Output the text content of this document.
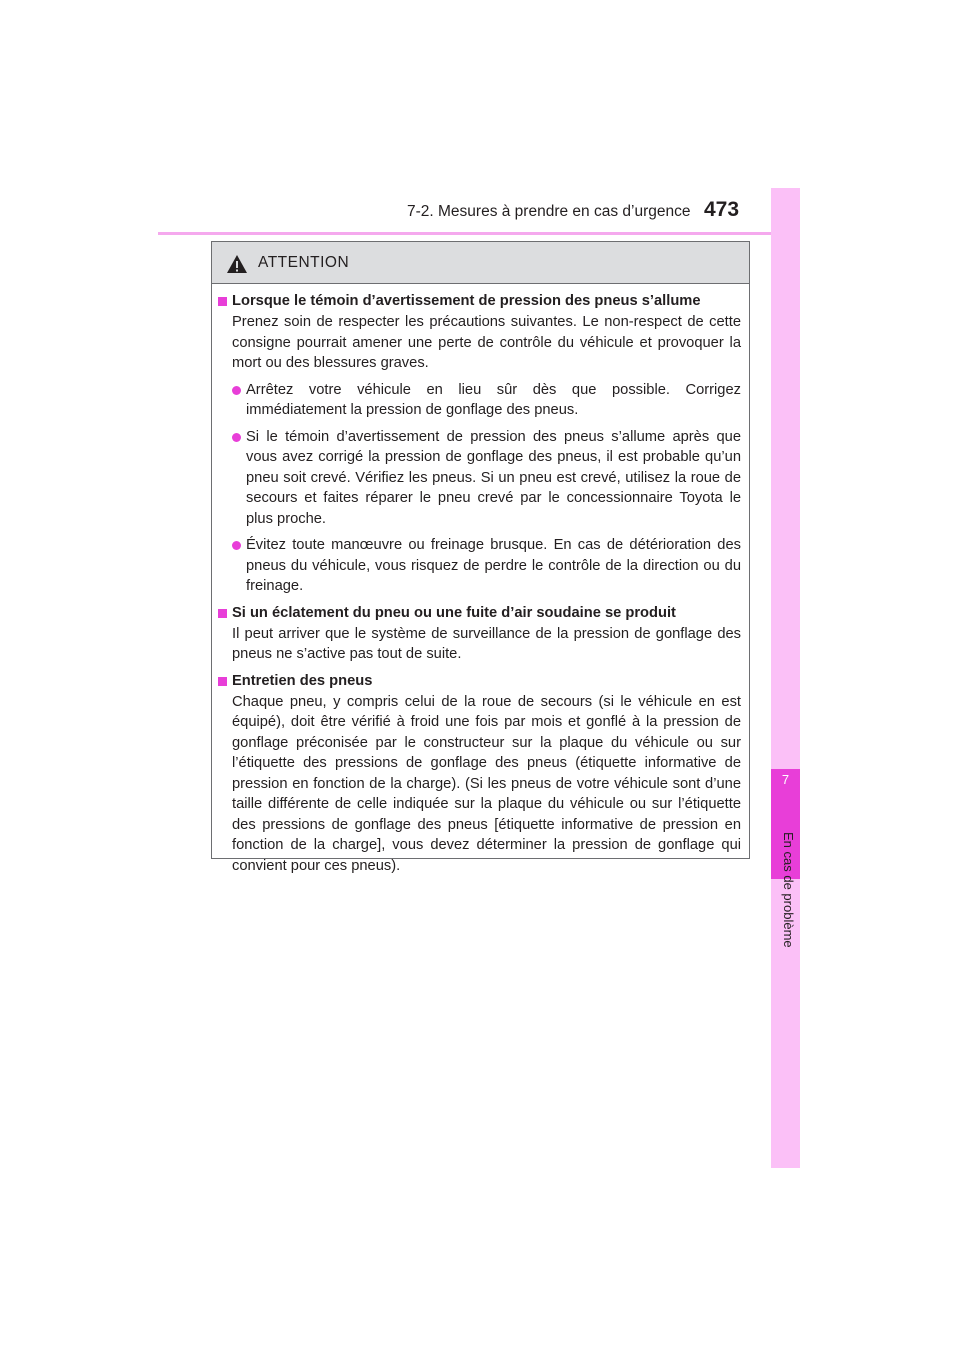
7-2. Mesures à prendre en cas d’urgence 473
7
En cas de problème
ATTENTION
Lorsque le témoin d’avertissement de pression des pneus s’allume

Prenez soin de respecter les précautions suivantes. Le non-respect de cette consigne pourrait amener une perte de contrôle du véhicule et provoquer la mort ou des blessures graves.

Arrêtez votre véhicule en lieu sûr dès que possible. Corrigez immédiatement la pression de gonflage des pneus.
Si le témoin d’avertissement de pression des pneus s’allume après que vous avez corrigé la pression de gonflage des pneus, il est probable qu’un pneu soit crevé. Vérifiez les pneus. Si un pneu est crevé, utilisez la roue de secours et faites réparer le pneu crevé par le concessionnaire Toyota le plus proche.
Évitez toute manœuvre ou freinage brusque. En cas de détérioration des pneus du véhicule, vous risquez de perdre le contrôle de la direction ou du freinage.
Si un éclatement du pneu ou une fuite d’air soudaine se produit

Il peut arriver que le système de surveillance de la pression de gonflage des pneus ne s’active pas tout de suite.

Entretien des pneus

Chaque pneu, y compris celui de la roue de secours (si le véhicule en est équipé), doit être vérifié à froid une fois par mois et gonflé à la pression de gonflage préconisée par le constructeur sur la plaque du véhicule ou sur l’étiquette des pressions de gonflage des pneus (étiquette informative de pression en fonction de la charge). (Si les pneus de votre véhicule sont d’une taille différente de celle indiquée sur la plaque du véhicule ou sur l’étiquette des pressions de gonflage des pneus [étiquette informative de pression en fonction de la charge], vous devez déterminer la pression de gonflage qui convient pour ces pneus).
